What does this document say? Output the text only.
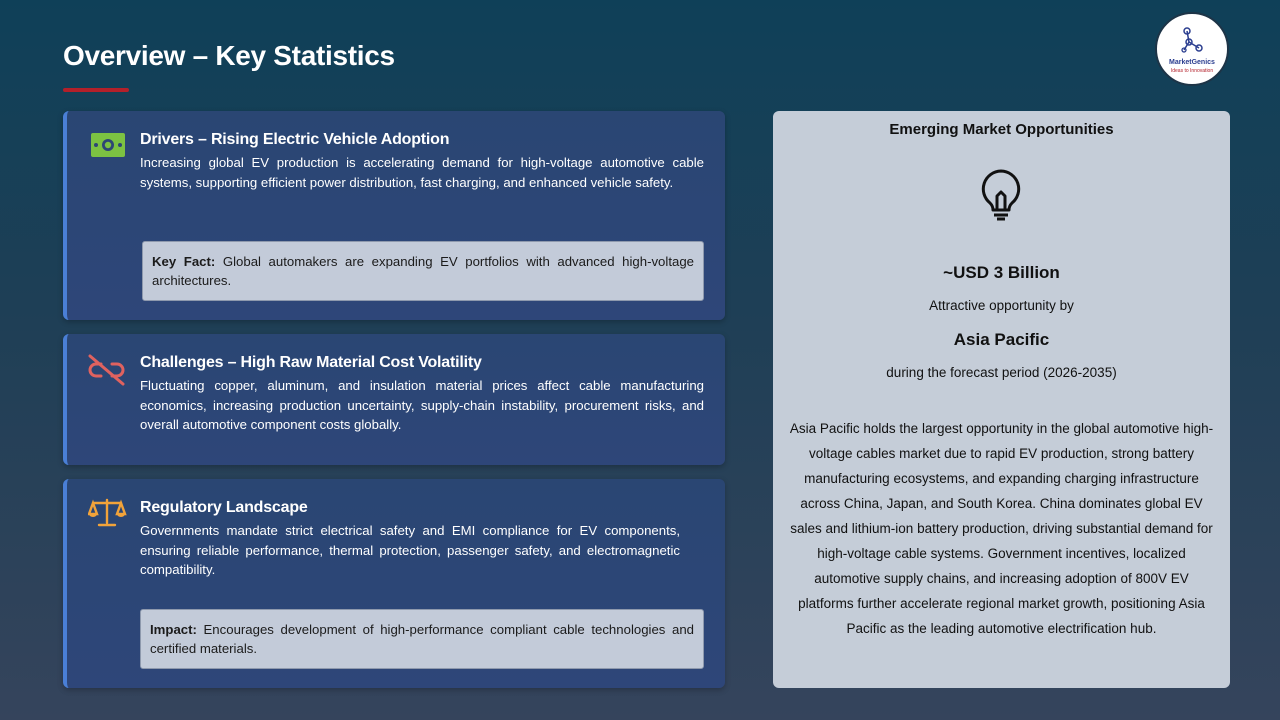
Overview – Key Statistics	MarketGenics
Ideas to Innovation
Drivers – Rising Electric Vehicle Adoption
Increasing global EV production is accelerating demand for high-voltage automotive cable systems, supporting efficient power distribution, fast charging, and enhanced vehicle safety.
Key Fact: Global automakers are expanding EV portfolios with advanced high-voltage architectures.
Challenges – High Raw Material Cost Volatility
Fluctuating copper, aluminum, and insulation material prices affect cable manufacturing economics, increasing production uncertainty, supply-chain instability, procurement risks, and overall automotive component costs globally.
Regulatory Landscape
Governments mandate strict electrical safety and EMI compliance for EV components, ensuring reliable performance, thermal protection, passenger safety, and electromagnetic compatibility.
Impact: Encourages development of high-performance compliant cable technologies and certified materials.
Emerging Market Opportunities
~USD 3 Billion
Attractive opportunity by
Asia Pacific
during the forecast period (2026-2035)
Asia Pacific holds the largest opportunity in the global automotive high-voltage cables market due to rapid EV production, strong battery manufacturing ecosystems, and expanding charging infrastructure across China, Japan, and South Korea. China dominates global EV sales and lithium-ion battery production, driving substantial demand for high-voltage cable systems. Government incentives, localized automotive supply chains, and increasing adoption of 800V EV platforms further accelerate regional market growth, positioning Asia Pacific as the leading automotive electrification hub.
